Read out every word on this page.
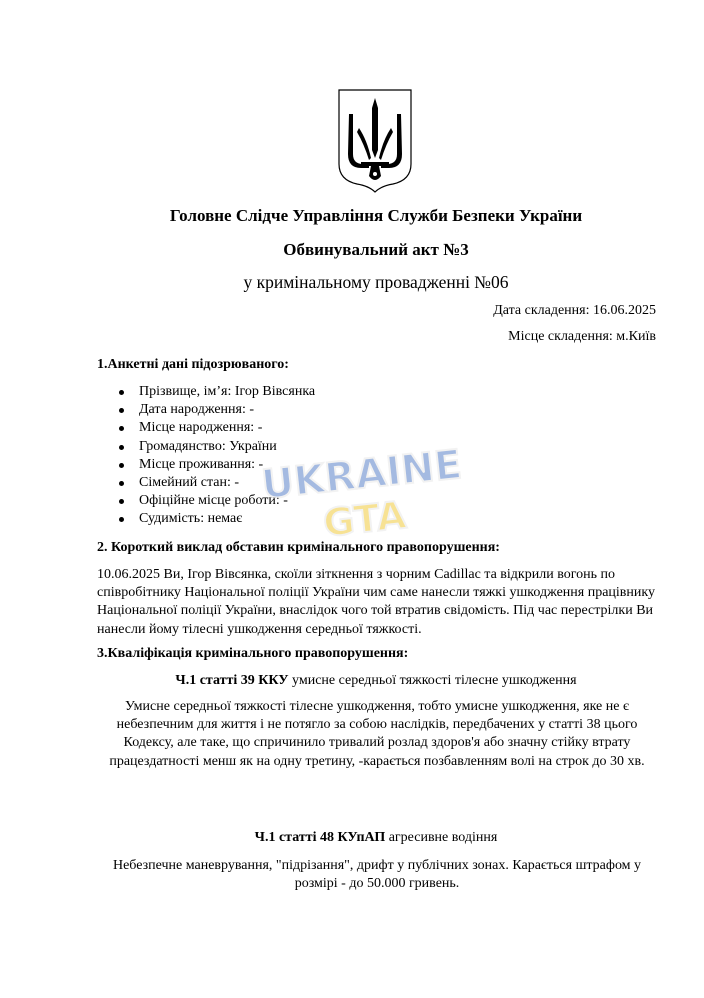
Головне Слідче Управління Служби Безпеки України
Обвинувальний акт №3
у кримінальному провадженні №06
Дата складення: 16.06.2025
Місце складення: м.Київ
1.Анкетні дані підозрюваного:
Прізвище, ім’я: Ігор Вівсянка
Дата народження: -
Місце народження: -
Громадянство: України
Місце проживання: -
Сімейний стан: -
Офіційне місце роботи: -
Судимість: немає
UKRAINE
GTA
2. Короткий виклад обставин кримінального правопорушення:
10.06.2025 Ви, Ігор Вівсянка, скоїли зіткнення з чорним Cadillac та відкрили вогонь по співробітнику Національної поліції України чим саме нанесли тяжкі ушкодження працівнику Національної поліції України, внаслідок чого той втратив свідомість. Під час перестрілки Ви нанесли йому тілесні ушкодження середньої тяжкості.
3.Кваліфікація кримінального правопорушення:
Ч.1 статті 39 ККУ умисне середньої тяжкості тілесне ушкодження
Умисне середньої тяжкості тілесне ушкодження, тобто умисне ушкодження, яке не є небезпечним для життя і не потягло за собою наслідків, передбачених у статті 38 цього Кодексу, але таке, що спричинило тривалий розлад здоров'я або значну стійку втрату працездатності менш як на одну третину, -карається позбавленням волі на строк до 30 хв.
Ч.1 статті 48 КУпАП агресивне водіння
Небезпечне маневрування, "підрізання", дрифт у публічних зонах. Карається штрафом у розмірі - до 50.000 гривень.
